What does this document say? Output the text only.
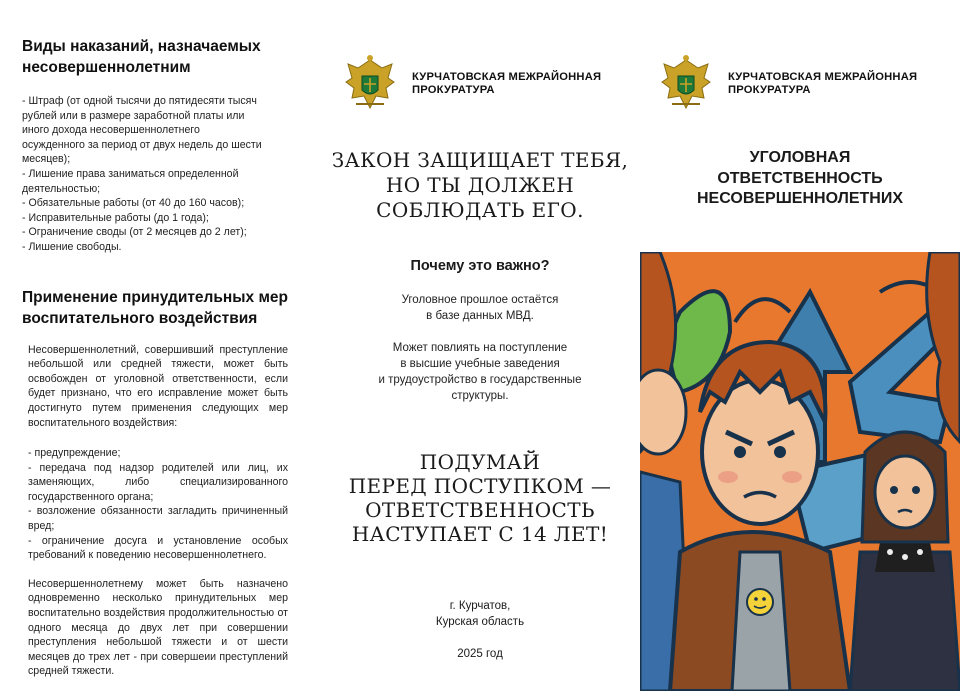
Виды наказаний, назначаемых
несовершеннолетним
- Штраф (от одной тысячи до пятидесяти тысяч
рублей или в размере заработной платы или
иного дохода несовершеннолетнего
осужденного за период от двух недель до шести
месяцев);
- Лишение права заниматься определенной
деятельностью;
- Обязательные работы (от 40 до 160 часов);
- Исправительные работы (до 1 года);
- Ограничение своды (от 2 месяцев до 2 лет);
- Лишение свободы.
Применение принудительных мер
воспитательного воздействия

Несовершеннолетний, совершивший преступление небольшой или средней тяжести, может быть освобожден от уголовной ответственности, если будет признано, что его исправление может быть достигнуто путем применения следующих мер воспитательного воздействия:

- предупреждение;
- передача под надзор родителей или лиц, их заменяющих, либо специализированного государственного органа;
- возложение обязанности загладить причиненный вред;
- ограничение досуга и установление особых требований к поведению несовершеннолетнего.

Несовершеннолетнему может быть назначено одновременно несколько принудительных мер воспитательно воздействия продолжительностью от одного месяца до двух лет при совершении преступления небольшой тяжести и от шести месяцев до трех лет - при совершеии преступлений средней тяжести.

КУРЧАТОВСКАЯ МЕЖРАЙОННАЯ
ПРОКУРАТУРА
ЗАКОН ЗАЩИЩАЕТ ТЕБЯ,
НО ТЫ ДОЛЖЕН
СОБЛЮДАТЬ ЕГО.
Почему это важно?

Уголовное прошлое остаётся
в базе данных МВД.

Может повлиять на поступление
в высшие учебные заведения
и трудоустройство в государственные
структуры.

ПОДУМАЙ
ПЕРЕД ПОСТУПКОМ —
ОТВЕТСТВЕННОСТЬ
НАСТУПАЕТ С 14 ЛЕТ!
г. Курчатов,
Курская область
2025 год
КУРЧАТОВСКАЯ МЕЖРАЙОННАЯ
ПРОКУРАТУРА
УГОЛОВНАЯ
ОТВЕТСТВЕННОСТЬ
НЕСОВЕРШЕННОЛЕТНИХ
